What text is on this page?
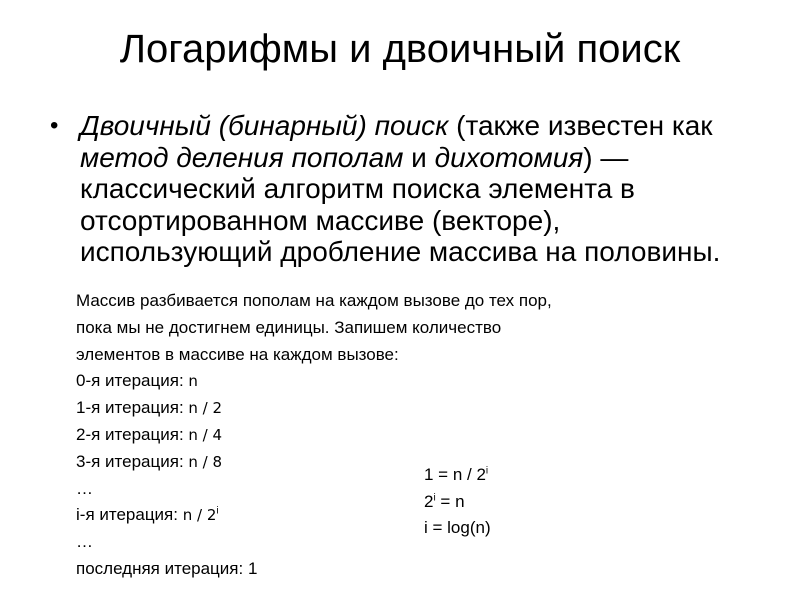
Логарифмы и двоичный поиск
• Двоичный (бинарный) поиск (также известен как метод деления пополам и дихотомия) — классический алгоритм поиска элемента в отсортированном массиве (векторе), использующий дробление массива на половины.
Массив разбивается пополам на каждом вызове до тех пор,
пока мы не достигнем единицы. Запишем количество
элементов в массиве на каждом вызове:
0-я итерация: n
1-я итерация: n / 2
2-я итерация: n / 4
3-я итерация: n / 8
…
i-я итерация: n / 2$^i$
…
последняя итерация: 1
1 = n / 2$^i$
$2^i = n$
i = log(n)
